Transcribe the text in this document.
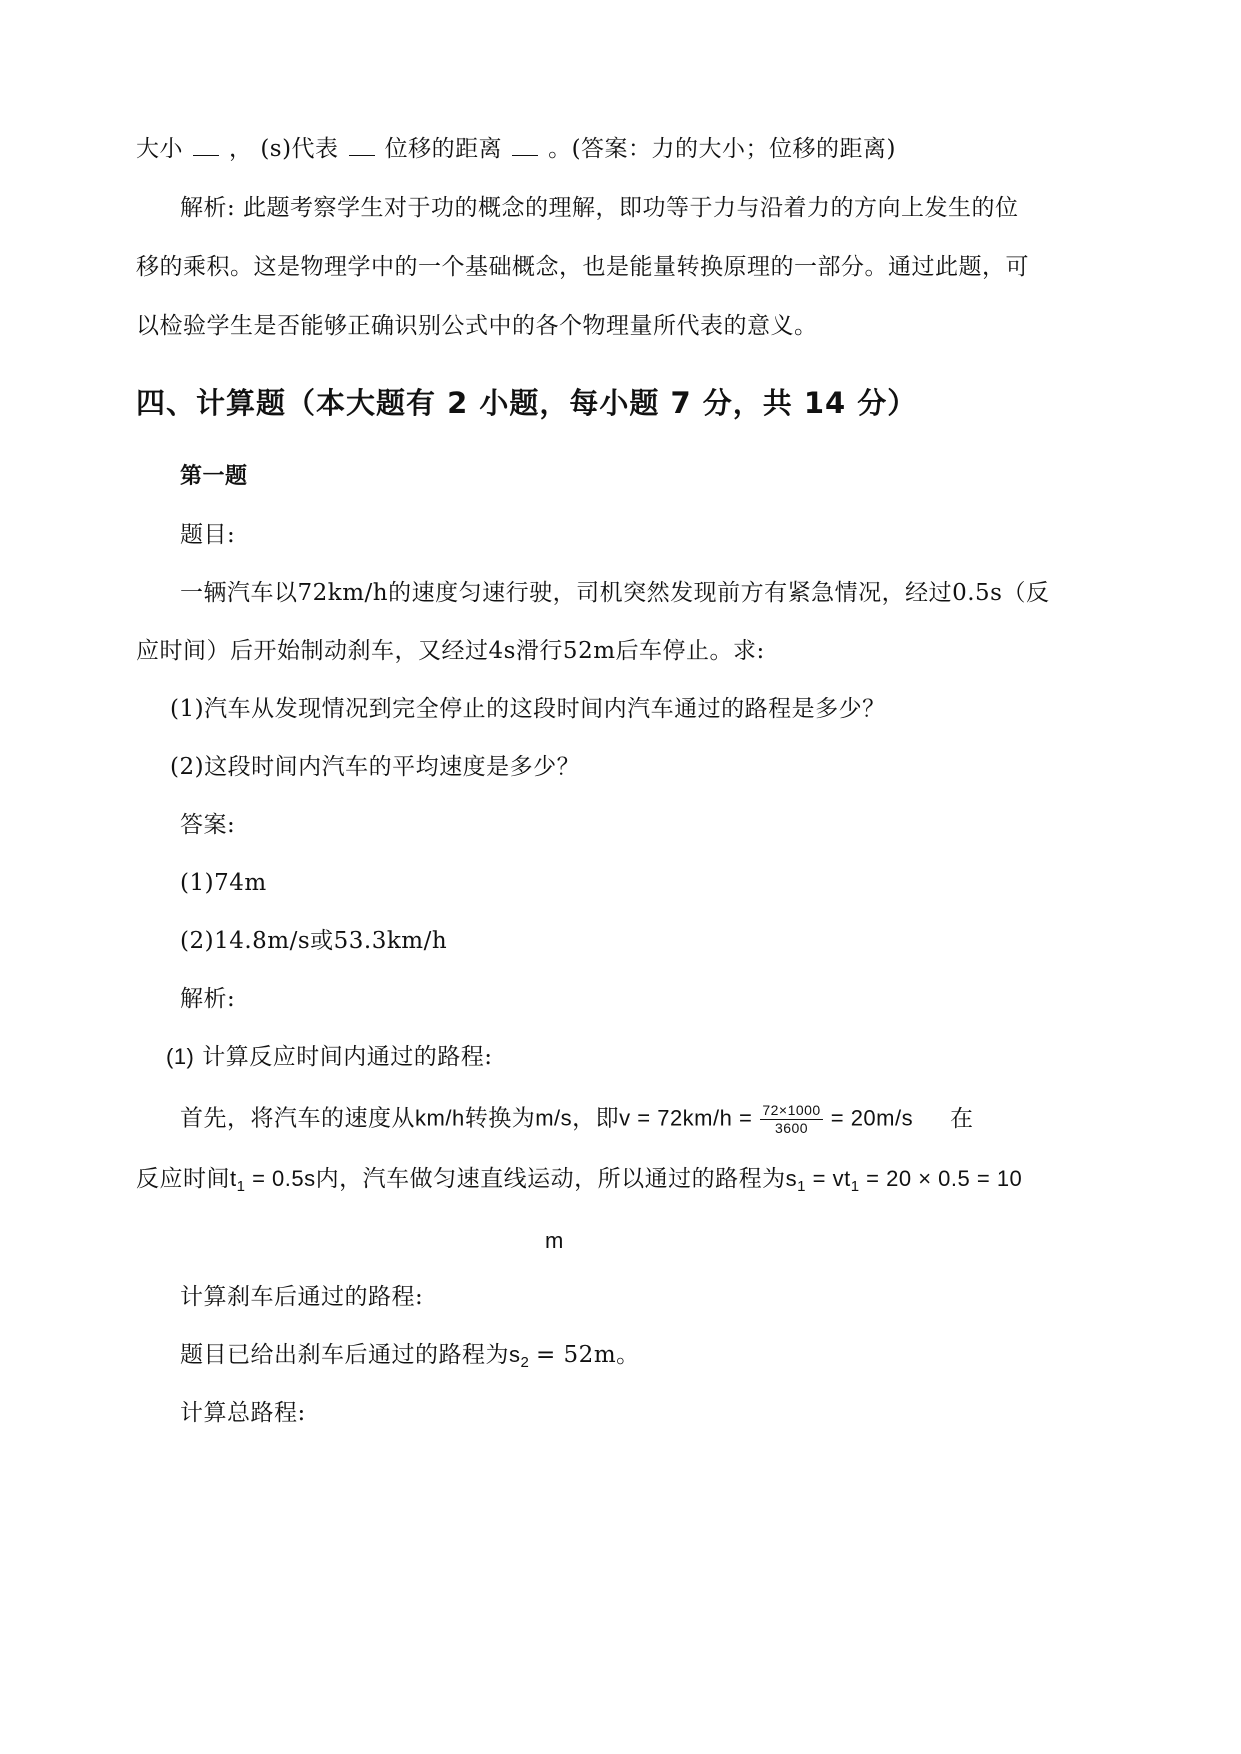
大小 ， (s)代表 位移的距离 。(答案：力的大小；位移的距离)
解析: 此题考察学生对于功的概念的理解，即功等于力与沿着力的方向上发生的位
移的乘积。这是物理学中的一个基础概念，也是能量转换原理的一部分。通过此题，可
以检验学生是否能够正确识别公式中的各个物理量所代表的意义。
四、计算题（本大题有 2 小题，每小题 7 分，共 14 分）
第一题
题目:
一辆汽车以72km/h的速度匀速行驶，司机突然发现前方有紧急情况，经过0.5s（反
应时间）后开始制动刹车，又经过4s滑行52m后车停止。求:
(1)汽车从发现情况到完全停止的这段时间内汽车通过的路程是多少？
(2)这段时间内汽车的平均速度是多少？
答案:
(1)74m
(2)14.8m/s或53.3km/h
解析:
(1) 计算反应时间内通过的路程:
首先，将汽车的速度从km/h转换为m/s，即$v = 72km/h = \frac{72\times 1000}{3600} = 20m/s$ 在
反应时间$t_1 = 0.5s$内，汽车做匀速直线运动，所以通过的路程为$s_1 = vt_1 = 20 \times 0.5 = 10$
m
计算刹车后通过的路程:
题目已给出刹车后通过的路程为$s_2 = 52m$。
计算总路程:
